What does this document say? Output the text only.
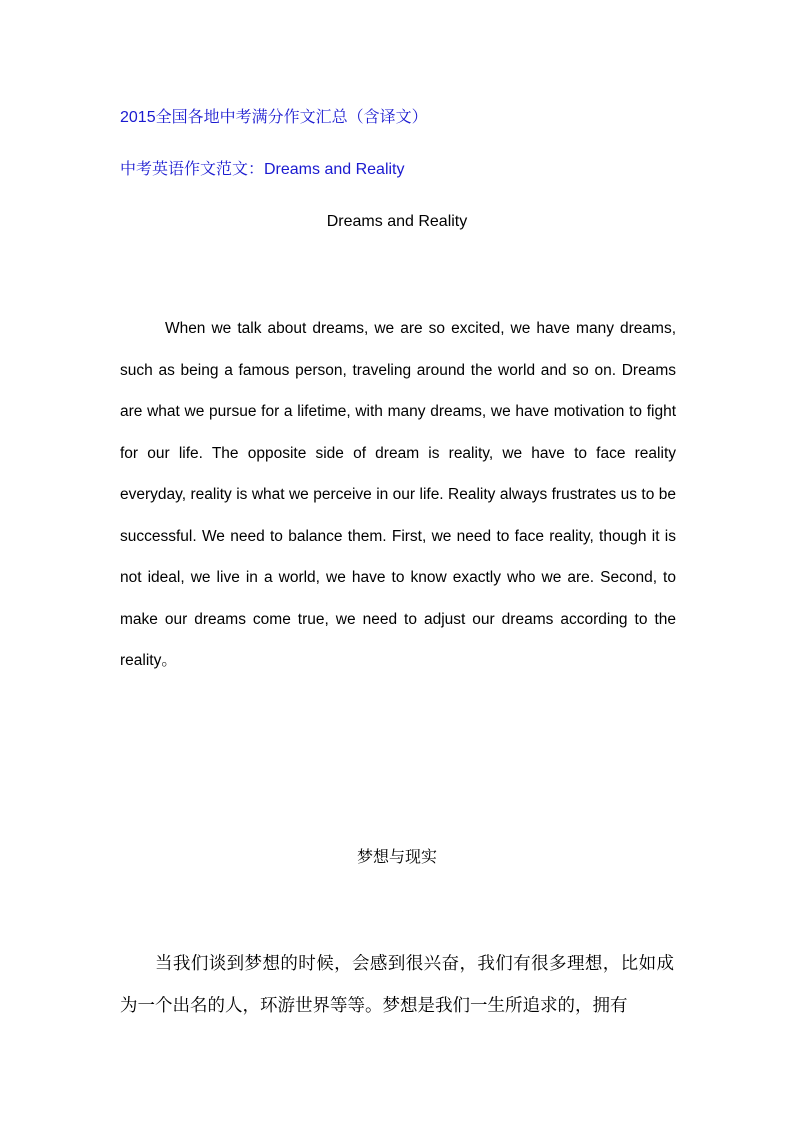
2015全国各地中考满分作文汇总（含译文）
中考英语作文范文：Dreams and Reality
Dreams and Reality

When we talk about dreams, we are so excited, we have many dreams, such as being a famous person, traveling around the world and so on. Dreams are what we pursue for a lifetime, with many dreams, we have motivation to fight for our life. The opposite side of dream is reality, we have to face reality everyday, reality is what we perceive in our life. Reality always frustrates us to be successful. We need to balance them. First, we need to face reality, though it is not ideal, we live in a world, we have to know exactly who we are. Second, to make our dreams come true, we need to adjust our dreams according to the reality。

梦想与现实

当我们谈到梦想的时候，会感到很兴奋，我们有很多理想，比如成为一个出名的人，环游世界等等。梦想是我们一生所追求的，拥有
